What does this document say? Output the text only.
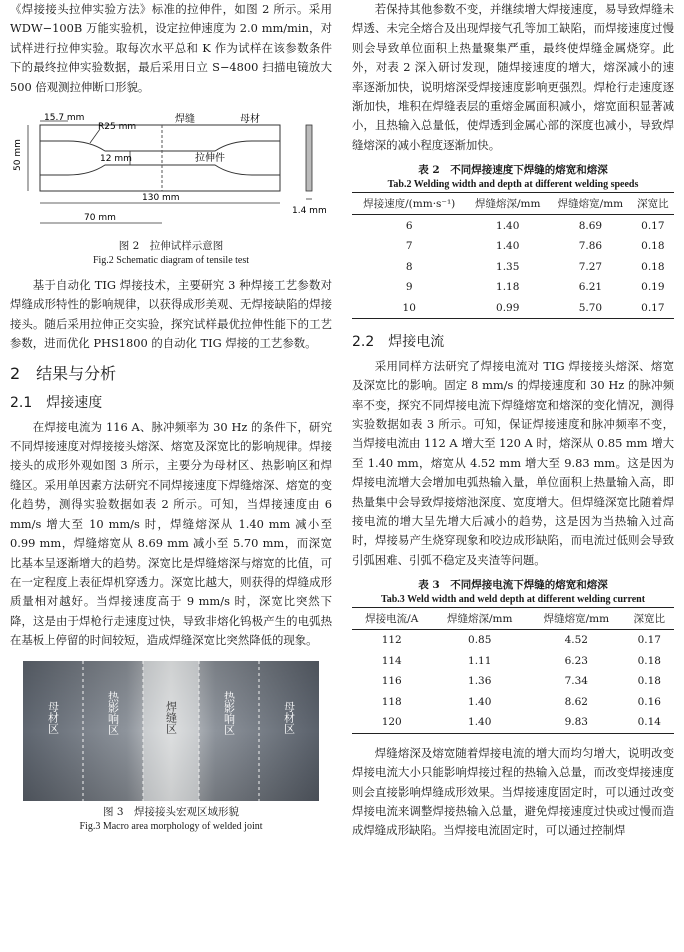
《焊接接头拉伸实验方法》标准的拉伸件，如图 2 所示。采用 WDW−100B 万能实验机，设定拉伸速度为 2.0 mm/min，对试样进行拉伸实验。取每次水平总和 K 作为试样在该参数条件下的最终拉伸实验数据，最后采用日立 S−4800 扫描电镜放大 500 倍观测拉伸断口形貌。

15.7 mm
R25 mm
焊缝	母材
50 mm	12 mm	拉伸件
130 mm
70 mm
1.4 mm
图 2　拉伸试样示意图
Fig.2 Schematic diagram of tensile test

基于自动化 TIG 焊接技术，主要研究 3 种焊接工艺参数对焊缝成形特性的影响规律，以获得成形美观、无焊接缺陷的焊接接头。随后采用拉伸正交实验，探究试样最优拉伸性能下的工艺参数，进而优化 PHS1800 的自动化 TIG 焊接的工艺参数。

2　结果与分析
2.1　焊接速度

在焊接电流为 116 A、脉冲频率为 30 Hz 的条件下，研究不同焊接速度对焊接接头熔深、熔宽及深宽比的影响规律。焊接接头的成形外观如图 3 所示，主要分为母材区、热影响区和焊缝区。采用单因素方法研究不同焊接速度下焊缝熔深、熔宽的变化趋势，测得实验数据如表 2 所示。可知，当焊接速度由 6 mm/s 增大至 10 mm/s 时，焊缝熔深从 1.40 mm 减小至 0.99 mm，焊缝熔宽从 8.69 mm 减小至 5.70 mm，而深宽比基本呈逐渐增大的趋势。深宽比是焊缝熔深与熔宽的比值，可在一定程度上表征焊机穿透力。深宽比越大，则获得的焊缝成形质量相对越好。当焊接速度高于 9 mm/s 时，深宽比突然下降，这是由于焊枪行走速度过快，导致非熔化钨极产生的电弧热在基板上停留的时间较短，造成焊缝深宽比突然降低的现象。

母材区	热影响区	焊缝区	热影响区	母材区
图 3　焊接接头宏观区域形貌
Fig.3 Macro area morphology of welded joint

若保持其他参数不变，并继续增大焊接速度，易导致焊缝未焊透、未完全熔合及出现焊接气孔等加工缺陷，而焊接速度过慢则会导致单位面积上热量聚集严重，最终使焊缝金属烧穿。此外，对表 2 深入研讨发现，随焊接速度的增大，熔深减小的速率逐渐加快，说明熔深受焊接速度影响更强烈。焊枪行走速度逐渐加快，堆积在焊缝表层的重熔金属面积减小，熔宽面积显著减小，且热输入总量低，使焊透到金属心部的深度也减小，导致焊缝熔深的减小程度逐渐加快。

表 2　不同焊接速度下焊缝的熔宽和熔深
Tab.2 Welding width and depth at different welding speeds
焊接速度/(mm·s⁻¹)	焊缝熔深/mm	焊缝熔宽/mm	深宽比
6	1.40	8.69	0.17
7	1.40	7.86	0.18
8	1.35	7.27	0.18
9	1.18	6.21	0.19
10	0.99	5.70	0.17
2.2　焊接电流

采用同样方法研究了焊接电流对 TIG 焊接接头熔深、熔宽及深宽比的影响。固定 8 mm/s 的焊接速度和 30 Hz 的脉冲频率不变，探究不同焊接电流下焊缝熔宽和熔深的变化情况，测得实验数据如表 3 所示。可知，保证焊接速度和脉冲频率不变，当焊接电流由 112 A 增大至 120 A 时，熔深从 0.85 mm 增大至 1.40 mm，熔宽从 4.52 mm 增大至 9.83 mm。这是因为焊接电流增大会增加电弧热输入量，单位面积上热量输入高，即热量集中会导致焊接熔池深度、宽度增大。但焊缝深宽比随着焊接电流的增大呈先增大后减小的趋势，这是因为当热输入过高时，焊接易产生烧穿现象和咬边成形缺陷，而电流过低则会导致引弧困难、引弧不稳定及夹渣等问题。

表 3　不同焊接电流下焊缝的熔宽和熔深
Tab.3 Weld width and weld depth at different welding current
焊接电流/A	焊缝熔深/mm	焊缝熔宽/mm	深宽比
112	0.85	4.52	0.17
114	1.11	6.23	0.18
116	1.36	7.34	0.18
118	1.40	8.62	0.16
120	1.40	9.83	0.14

焊缝熔深及熔宽随着焊接电流的增大而均匀增大，说明改变焊接电流大小只能影响焊接过程的热输入总量，而改变焊接速度则会直接影响焊缝成形效果。当焊接速度固定时，可以通过改变焊接电流来调整焊接热输入总量，避免焊接速度过快或过慢而造成焊缝成形缺陷。当焊接电流固定时，可以通过控制焊
